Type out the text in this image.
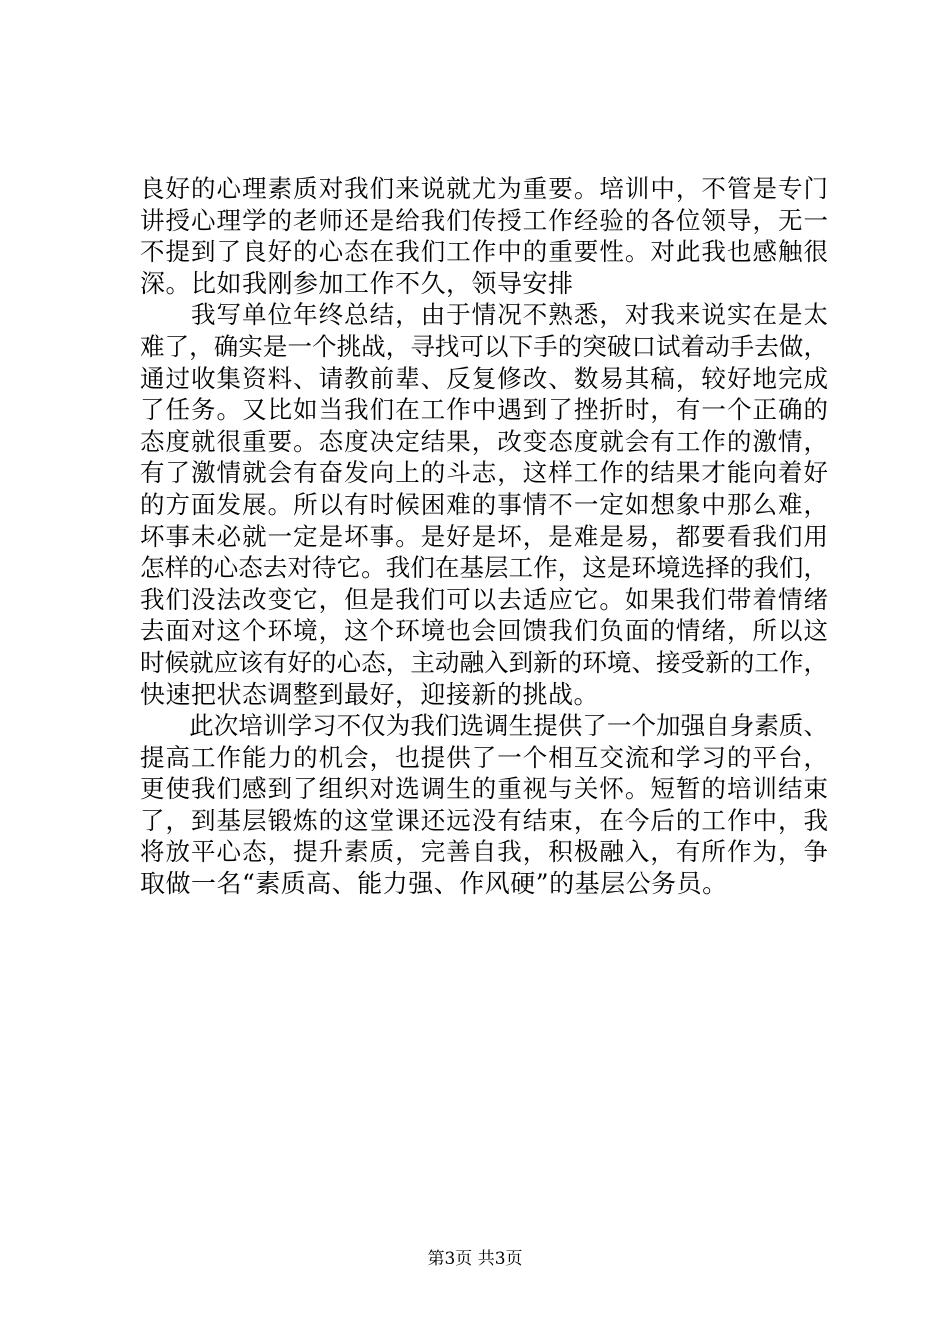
良好的心理素质对我们来说就尤为重要。培训中，不管是专门
讲授心理学的老师还是给我们传授工作经验的各位领导，无一
不提到了良好的心态在我们工作中的重要性。对此我也感触很
深。比如我刚参加工作不久，领导安排
　　我写单位年终总结，由于情况不熟悉，对我来说实在是太
难了，确实是一个挑战，寻找可以下手的突破口试着动手去做，
通过收集资料、请教前辈、反复修改、数易其稿，较好地完成
了任务。又比如当我们在工作中遇到了挫折时，有一个正确的
态度就很重要。态度决定结果，改变态度就会有工作的激情，
有了激情就会有奋发向上的斗志，这样工作的结果才能向着好
的方面发展。所以有时候困难的事情不一定如想象中那么难，
坏事未必就一定是坏事。是好是坏，是难是易，都要看我们用
怎样的心态去对待它。我们在基层工作，这是环境选择的我们，
我们没法改变它，但是我们可以去适应它。如果我们带着情绪
去面对这个环境，这个环境也会回馈我们负面的情绪，所以这
时候就应该有好的心态，主动融入到新的环境、接受新的工作，
快速把状态调整到最好，迎接新的挑战。
　　此次培训学习不仅为我们选调生提供了一个加强自身素质、
提高工作能力的机会，也提供了一个相互交流和学习的平台，
更使我们感到了组织对选调生的重视与关怀。短暂的培训结束
了，到基层锻炼的这堂课还远没有结束，在今后的工作中，我
将放平心态，提升素质，完善自我，积极融入，有所作为，争
取做一名“素质高、能力强、作风硬”的基层公务员。
第3页 共3页
